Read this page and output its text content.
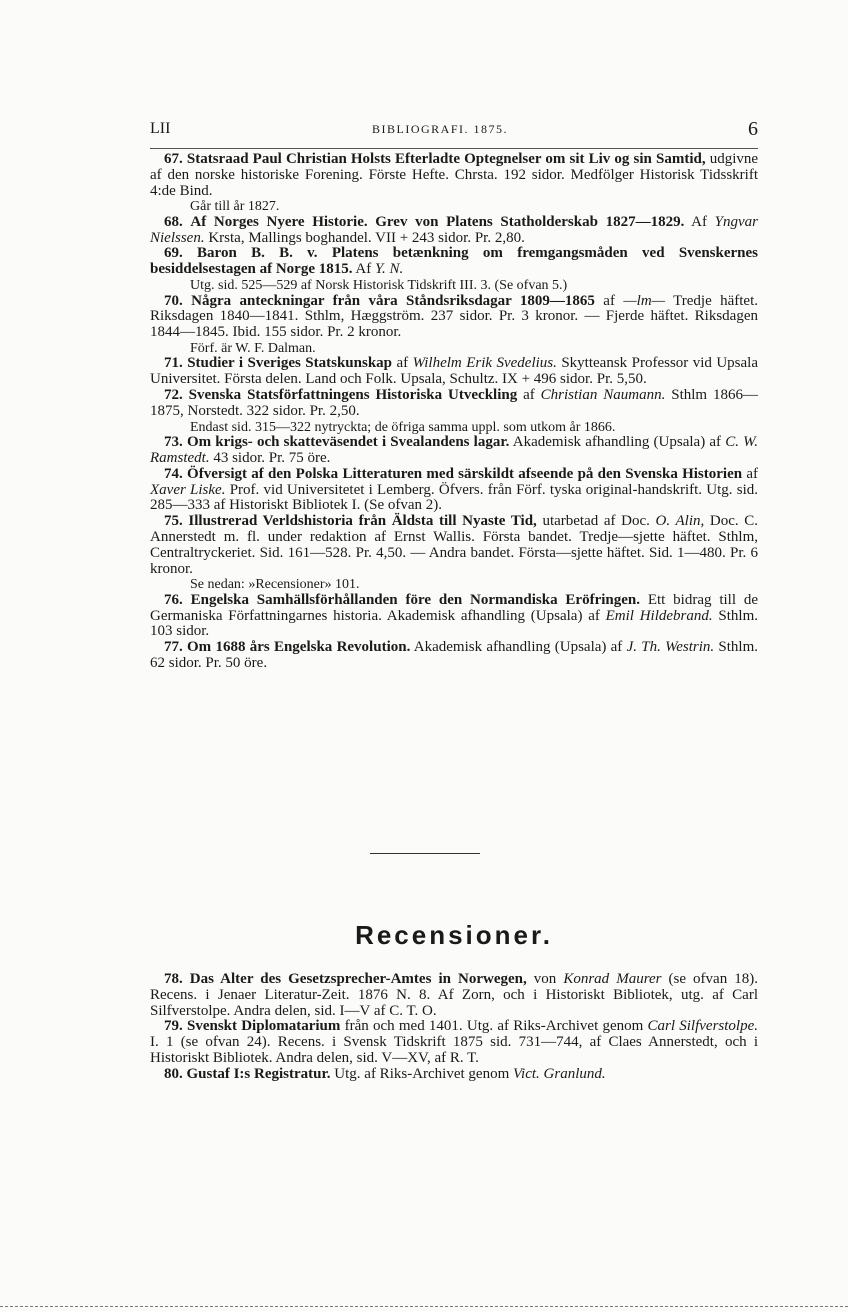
LII	BIBLIOGRAFI. 1875.	6

67. Statsraad Paul Christian Holsts Efterladte Optegnelser om sit Liv og sin Samtid, udgivne af den norske historiske Forening. Förste Hefte. Chrsta. 192 sidor. Medfölger Historisk Tidsskrift 4:de Bind.

Går till år 1827.

68. Af Norges Nyere Historie. Grev von Platens Statholderskab 1827—1829. Af Yngvar Nielssen. Krsta, Mallings boghandel. VII + 243 sidor. Pr. 2,80.

69. Baron B. B. v. Platens betænkning om fremgangsmåden ved Svenskernes besiddelsestagen af Norge 1815. Af Y. N.

Utg. sid. 525—529 af Norsk Historisk Tidskrift III. 3. (Se ofvan 5.)

70. Några anteckningar från våra Ståndsriksdagar 1809—1865 af —lm— Tredje häftet. Riksdagen 1840—1841. Sthlm, Hæggström. 237 sidor. Pr. 3 kronor. — Fjerde häftet. Riksdagen 1844—1845. Ibid. 155 sidor. Pr. 2 kronor.

Förf. är W. F. Dalman.

71. Studier i Sveriges Statskunskap af Wilhelm Erik Svedelius. Skytteansk Professor vid Upsala Universitet. Första delen. Land och Folk. Upsala, Schultz. IX + 496 sidor. Pr. 5,50.

72. Svenska Statsförfattningens Historiska Utveckling af Christian Naumann. Sthlm 1866—1875, Norstedt. 322 sidor. Pr. 2,50.

Endast sid. 315—322 nytryckta; de öfriga samma uppl. som utkom år 1866.

73. Om krigs- och skatteväsendet i Svealandens lagar. Akademisk afhandling (Upsala) af C. W. Ramstedt. 43 sidor. Pr. 75 öre.

74. Öfversigt af den Polska Litteraturen med särskildt afseende på den Svenska Historien af Xaver Liske. Prof. vid Universitetet i Lemberg. Öfvers. från Förf. tyska original-handskrift. Utg. sid. 285—333 af Historiskt Bibliotek I. (Se ofvan 2).

75. Illustrerad Verldshistoria från Äldsta till Nyaste Tid, utarbetad af Doc. O. Alin, Doc. C. Annerstedt m. fl. under redaktion af Ernst Wallis. Första bandet. Tredje—sjette häftet. Sthlm, Centraltryckeriet. Sid. 161—528. Pr. 4,50. — Andra bandet. Första—sjette häftet. Sid. 1—480. Pr. 6 kronor.

Se nedan: »Recensioner» 101.

76. Engelska Samhällsförhållanden före den Normandiska Eröfringen. Ett bidrag till de Germaniska Författningarnes historia. Akademisk afhandling (Upsala) af Emil Hildebrand. Sthlm. 103 sidor.

77. Om 1688 års Engelska Revolution. Akademisk afhandling (Upsala) af J. Th. Westrin. Sthlm. 62 sidor. Pr. 50 öre.

Recensioner.

78. Das Alter des Gesetzsprecher-Amtes in Norwegen, von Konrad Maurer (se ofvan 18). Recens. i Jenaer Literatur-Zeit. 1876 N. 8. Af Zorn, och i Historiskt Bibliotek, utg. af Carl Silfverstolpe. Andra delen, sid. I—V af C. T. O.

79. Svenskt Diplomatarium från och med 1401. Utg. af Riks-Archivet genom Carl Silfverstolpe. I. 1 (se ofvan 24). Recens. i Svensk Tidskrift 1875 sid. 731—744, af Claes Annerstedt, och i Historiskt Bibliotek. Andra delen, sid. V—XV, af R. T.

80. Gustaf I:s Registratur. Utg. af Riks-Archivet genom Vict. Granlund.
